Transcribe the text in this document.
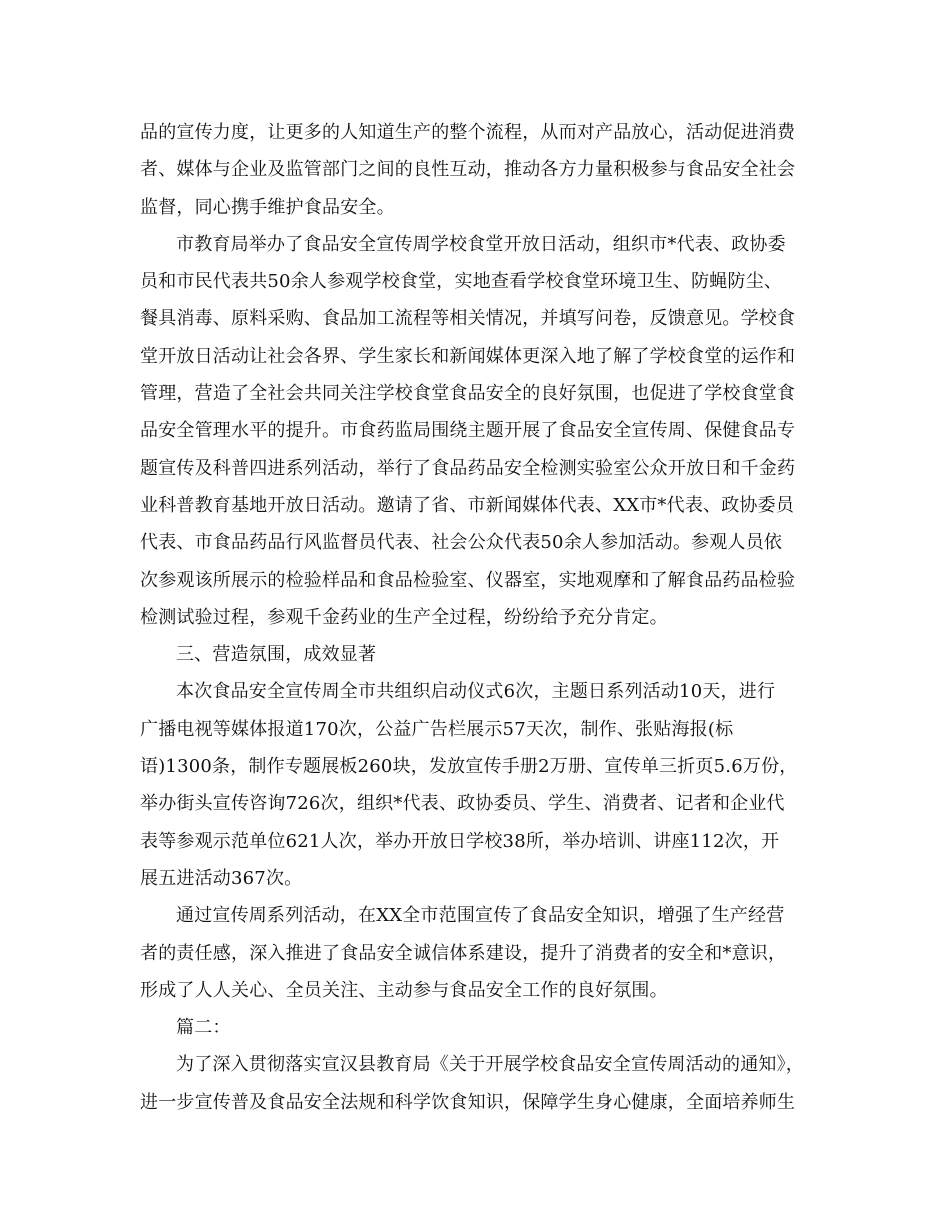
品的宣传力度，让更多的人知道生产的整个流程，从而对产品放心，活动促进消费
者、媒体与企业及监管部门之间的良性互动，推动各方力量积极参与食品安全社会
监督，同心携手维护食品安全。
市教育局举办了食品安全宣传周学校食堂开放日活动，组织市*代表、政协委
员和市民代表共50余人参观学校食堂，实地查看学校食堂环境卫生、防蝇防尘、
餐具消毒、原料采购、食品加工流程等相关情况，并填写问卷，反馈意见。学校食
堂开放日活动让社会各界、学生家长和新闻媒体更深入地了解了学校食堂的运作和
管理，营造了全社会共同关注学校食堂食品安全的良好氛围，也促进了学校食堂食
品安全管理水平的提升。市食药监局围绕主题开展了食品安全宣传周、保健食品专
题宣传及科普四进系列活动，举行了食品药品安全检测实验室公众开放日和千金药
业科普教育基地开放日活动。邀请了省、市新闻媒体代表、XX市*代表、政协委员
代表、市食品药品行风监督员代表、社会公众代表50余人参加活动。参观人员依
次参观该所展示的检验样品和食品检验室、仪器室，实地观摩和了解食品药品检验
检测试验过程，参观千金药业的生产全过程，纷纷给予充分肯定。
三、营造氛围，成效显著
本次食品安全宣传周全市共组织启动仪式6次，主题日系列活动10天，进行
广播电视等媒体报道170次，公益广告栏展示57天次，制作、张贴海报(标
语)1300条，制作专题展板260块，发放宣传手册2万册、宣传单三折页5.6万份，
举办街头宣传咨询726次，组织*代表、政协委员、学生、消费者、记者和企业代
表等参观示范单位621人次，举办开放日学校38所，举办培训、讲座112次，开
展五进活动367次。
通过宣传周系列活动，在XX全市范围宣传了食品安全知识，增强了生产经营
者的责任感，深入推进了食品安全诚信体系建设，提升了消费者的安全和*意识，
形成了人人关心、全员关注、主动参与食品安全工作的良好氛围。
篇二：
为了深入贯彻落实宣汉县教育局《关于开展学校食品安全宣传周活动的通知》，
进一步宣传普及食品安全法规和科学饮食知识，保障学生身心健康，全面培养师生
